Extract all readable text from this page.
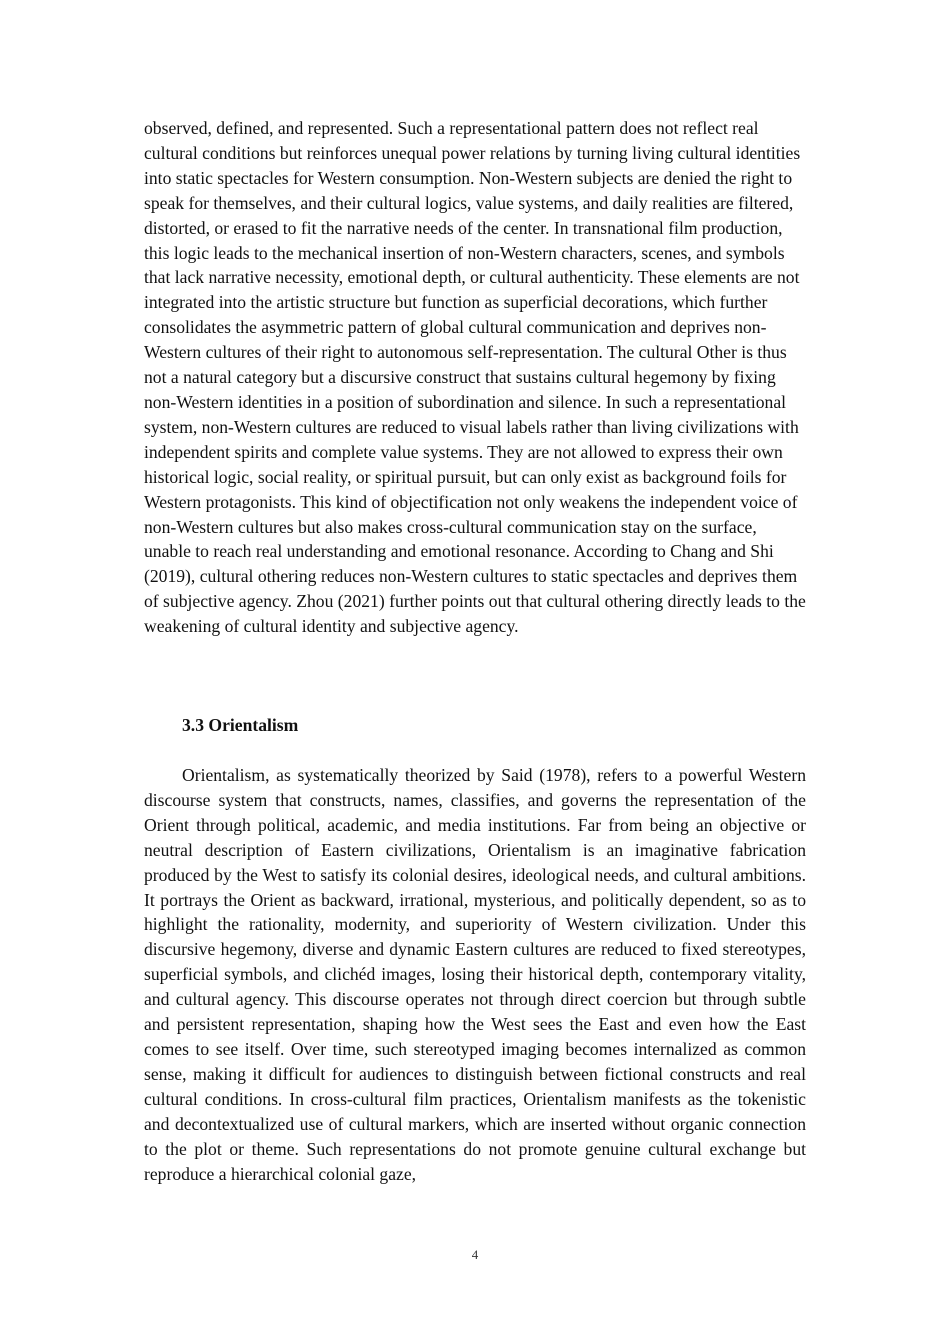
observed, defined, and represented. Such a representational pattern does not reflect real cultural conditions but reinforces unequal power relations by turning living cultural identities into static spectacles for Western consumption. Non-Western subjects are denied the right to speak for themselves, and their cultural logics, value systems, and daily realities are filtered, distorted, or erased to fit the narrative needs of the center. In transnational film production, this logic leads to the mechanical insertion of non-Western characters, scenes, and symbols that lack narrative necessity, emotional depth, or cultural authenticity. These elements are not integrated into the artistic structure but function as superficial decorations, which further consolidates the asymmetric pattern of global cultural communication and deprives non-Western cultures of their right to autonomous self-representation. The cultural Other is thus not a natural category but a discursive construct that sustains cultural hegemony by fixing non-Western identities in a position of subordination and silence. In such a representational system, non-Western cultures are reduced to visual labels rather than living civilizations with independent spirits and complete value systems. They are not allowed to express their own historical logic, social reality, or spiritual pursuit, but can only exist as background foils for Western protagonists. This kind of objectification not only weakens the independent voice of non-Western cultures but also makes cross-cultural communication stay on the surface, unable to reach real understanding and emotional resonance. According to Chang and Shi (2019), cultural othering reduces non-Western cultures to static spectacles and deprives them of subjective agency. Zhou (2021) further points out that cultural othering directly leads to the weakening of cultural identity and subjective agency.

3.3 Orientalism

Orientalism, as systematically theorized by Said (1978), refers to a powerful Western discourse system that constructs, names, classifies, and governs the representation of the Orient through political, academic, and media institutions. Far from being an objective or neutral description of Eastern civilizations, Orientalism is an imaginative fabrication produced by the West to satisfy its colonial desires, ideological needs, and cultural ambitions. It portrays the Orient as backward, irrational, mysterious, and politically dependent, so as to highlight the rationality, modernity, and superiority of Western civilization. Under this discursive hegemony, diverse and dynamic Eastern cultures are reduced to fixed stereotypes, superficial symbols, and clichéd images, losing their historical depth, contemporary vitality, and cultural agency. This discourse operates not through direct coercion but through subtle and persistent representation, shaping how the West sees the East and even how the East comes to see itself. Over time, such stereotyped imaging becomes internalized as common sense, making it difficult for audiences to distinguish between fictional constructs and real cultural conditions. In cross-cultural film practices, Orientalism manifests as the tokenistic and decontextualized use of cultural markers, which are inserted without organic connection to the plot or theme. Such representations do not promote genuine cultural exchange but reproduce a hierarchical colonial gaze,

4
